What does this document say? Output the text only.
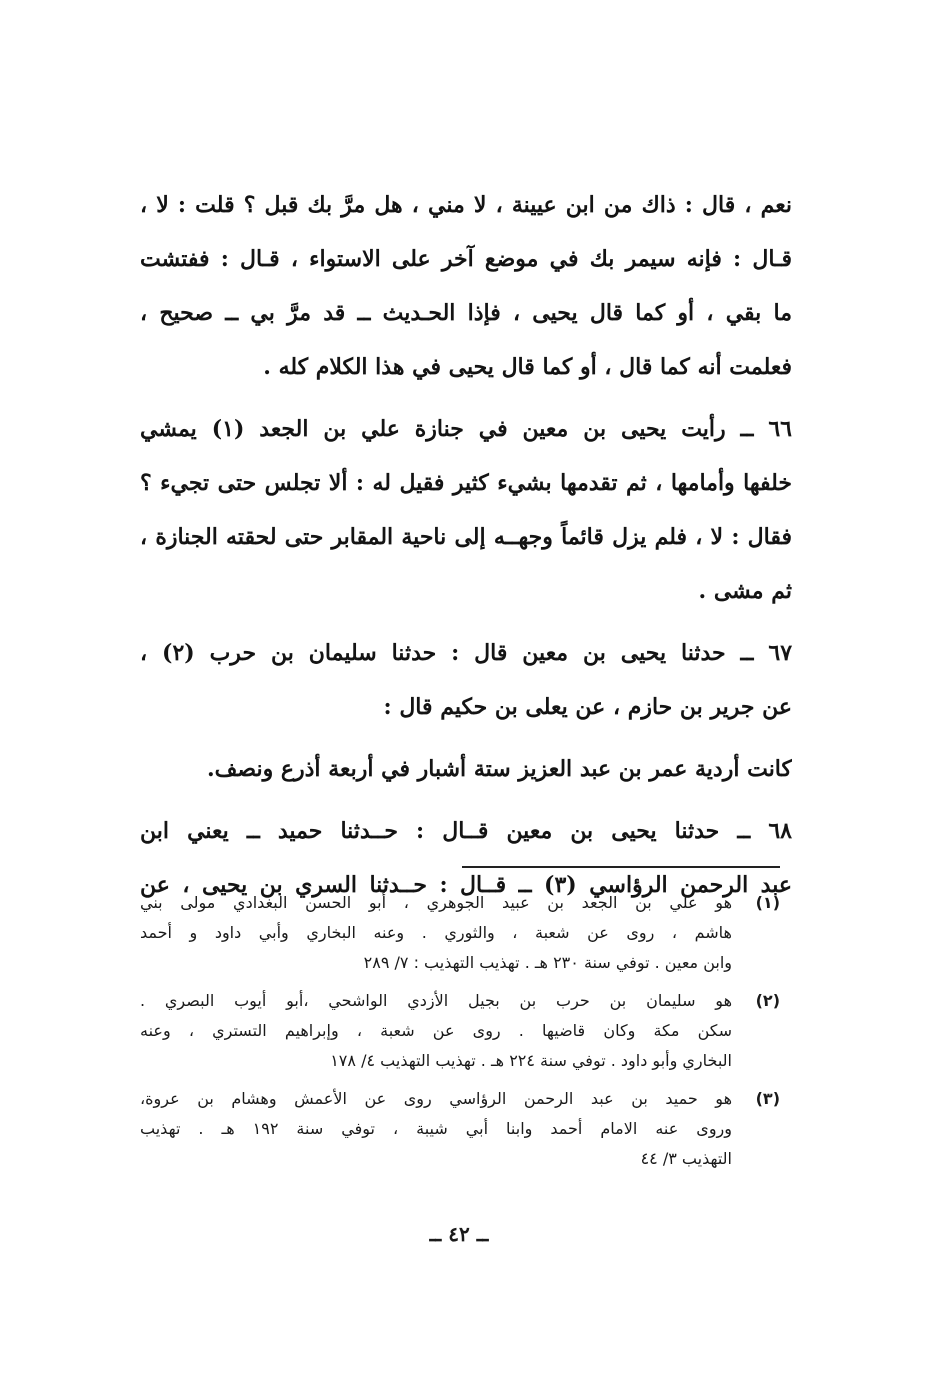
نعم ، قال : ذاك من ابن عيينة ، لا مني ، هل مرَّ بك قبل ؟ قلت : لا ،
قـال : فإنه سيمر بك في موضع آخر على الاستواء ، قـال : ففتشت
ما بقي ، أو كما قال يحيى ، فإذا الحـديث ــ قد مرَّ بي ــ صحيح ،
فعلمت أنه كما قال ، أو كما قال يحيى في هذا الكلام كله .
٦٦ ــ رأيت يحيى بن معين في جنازة علي بن الجعد (١) يمشي
خلفها وأمامها ، ثم تقدمها بشيء كثير فقيل له : ألا تجلس حتى تجيء ؟
فقال : لا ، فلم يزل قائماً وجهــه إلى ناحية المقابر حتى لحقته الجنازة ،
ثم مشى .
٦٧ ــ حدثنا يحيى بن معين قال : حدثنا سليمان بن حرب (٢) ،
عن جرير بن حازم ، عن يعلى بن حكيم قال :
كانت أردية عمر بن عبد العزيز ستة أشبار في أربعة أذرع ونصف.
٦٨ ــ حدثنا يحيى بن معين قــال : حــدثنا حميد ــ يعني ابن
عبد الرحمن الرؤاسي (٣) ــ قــال : حــدثنا السري بن يحيى ، عن
(١)
هو علي بن الجعد بن عبيد الجوهري ، أبو الحسن البغدادي مولى بني
هاشم ، روى عن شعبة ، والثوري . وعنه البخاري وأبي داود و أحمد
وابن معين . توفي سنة ٢٣٠ هـ . تهذيب التهذيب : ٧/ ٢٨٩
(٢)
هو سليمان بن حرب بن بجيل الأزدي الواشحي ،أبو أيوب البصري .
سكن مكة وكان قاضيها . روى عن شعبة ، وإبراهيم التستري ، وعنه
البخاري وأبو داود . توفي سنة ٢٢٤ هـ . تهذيب التهذيب ٤/ ١٧٨
(٣)
هو حميد بن عبد الرحمن الرؤاسي روى عن الأعمش وهشام بن عروة،
وروى عنه الامام أحمد وابنا أبي شيبة ، توفي سنة ١٩٢ هـ . تهذيب
التهذيب ٣/ ٤٤
ــ ٤٢ ــ
